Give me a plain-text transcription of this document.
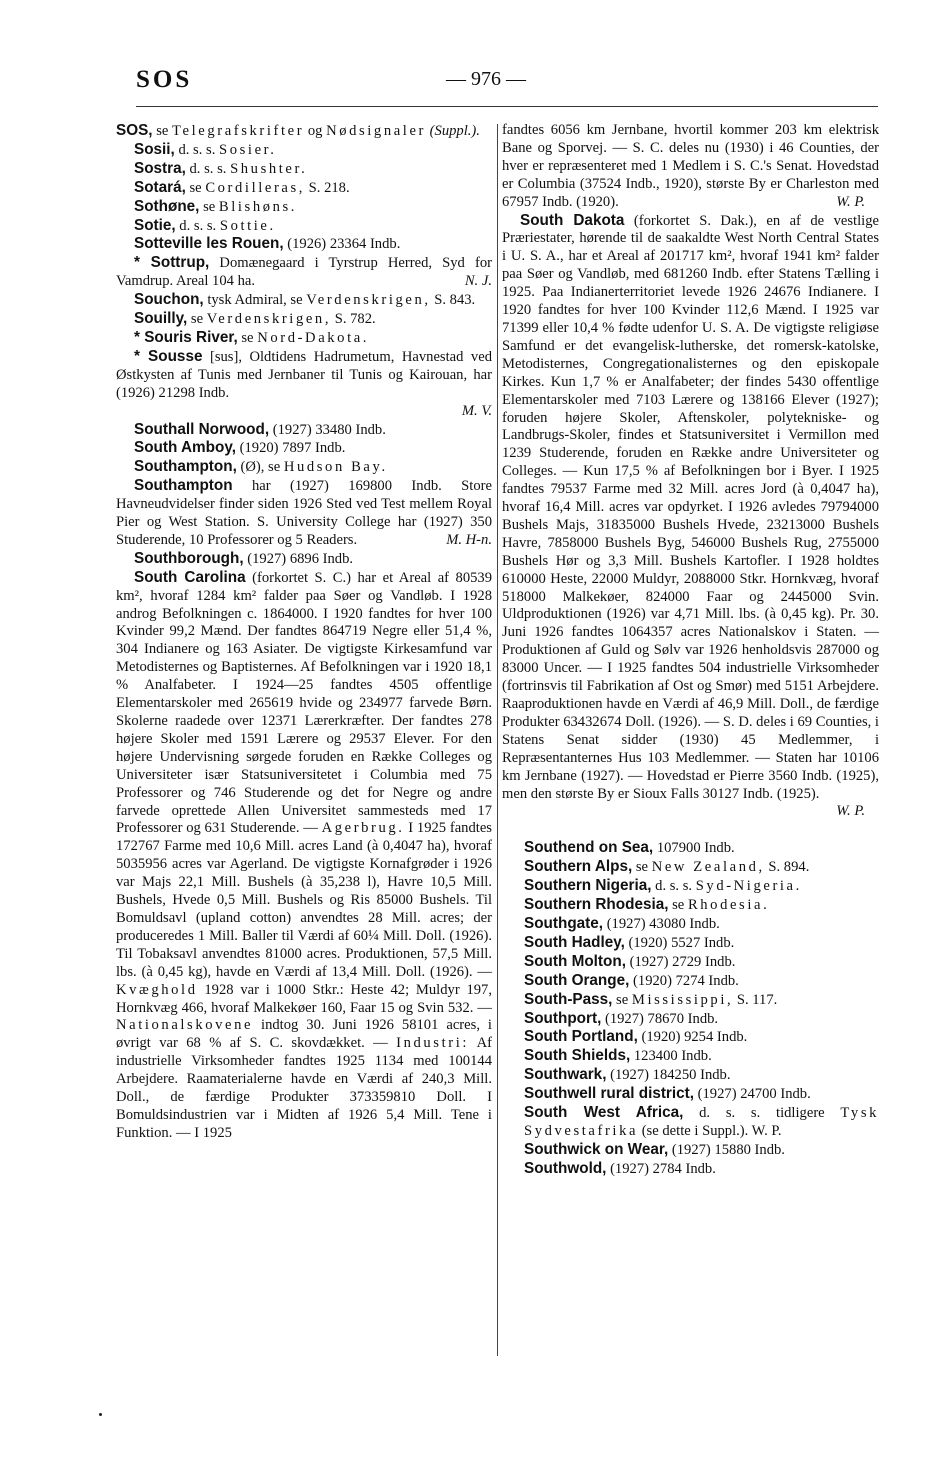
SOS	— 976 —

SOS, se Telegrafskrifter og Nødsignaler (Suppl.).

Sosii, d. s. s. Sosier.

Sostra, d. s. s. Shushter.

Sotará, se Cordilleras, S. 218.

Sothøne, se Blishøns.

Sotie, d. s. s. Sottie.

Sotteville les Rouen, (1926) 23364 Indb.

* Sottrup, Domænegaard i Tyrstrup Herred, Syd for Vamdrup. Areal 104 ha.	N. J.

Souchon, tysk Admiral, se Verdenskrigen, S. 843.

Souilly, se Verdenskrigen, S. 782.

* Souris River, se Nord-Dakota.

* Sousse [sus], Oldtidens Hadrumetum, Havnestad ved Østkysten af Tunis med Jernbaner til Tunis og Kairouan, har (1926) 21298 Indb.
M. V.

Southall Norwood, (1927) 33480 Indb.

South Amboy, (1920) 7897 Indb.

Southampton, (Ø), se Hudson Bay.

Southampton har (1927) 169800 Indb. Store Havneudvidelser finder siden 1926 Sted ved Test mellem Royal Pier og West Station. S. University College har (1927) 350 Studerende, 10 Professorer og 5 Readers.	M. H-n.

Southborough, (1927) 6896 Indb.

South Carolina (forkortet S. C.) har et Areal af 80539 km², hvoraf 1284 km² falder paa Søer og Vandløb. I 1928 androg Befolkningen c. 1864000. I 1920 fandtes for hver 100 Kvinder 99,2 Mænd. Der fandtes 864719 Negre eller 51,4 %, 304 Indianere og 163 Asiater. De vigtigste Kirkesamfund var Metodisternes og Baptisternes. Af Befolkningen var i 1920 18,1 % Analfabeter. I 1924—25 fandtes 4505 offentlige Elementarskoler med 265619 hvide og 234977 farvede Børn. Skolerne raadede over 12371 Lærerkræfter. Der fandtes 278 højere Skoler med 1591 Lærere og 29537 Elever. For den højere Undervisning sørgede foruden en Række Colleges og Universiteter især Statsuniversitetet i Columbia med 75 Professorer og 746 Studerende og det for Negre og andre farvede oprettede Allen Universitet sammesteds med 17 Professorer og 631 Studerende. — Agerbrug. I 1925 fandtes 172767 Farme med 10,6 Mill. acres Land (à 0,4047 ha), hvoraf 5035956 acres var Agerland. De vigtigste Kornafgrøder i 1926 var Majs 22,1 Mill. Bushels (à 35,238 l), Havre 10,5 Mill. Bushels, Hvede 0,5 Mill. Bushels og Ris 85000 Bushels. Til Bomuldsavl (upland cotton) anvendtes 28 Mill. acres; der produceredes 1 Mill. Baller til Værdi af 60¼ Mill. Doll. (1926). Til Tobaksavl anvendtes 81000 acres. Produktionen, 57,5 Mill. lbs. (à 0,45 kg), havde en Værdi af 13,4 Mill. Doll. (1926). — Kvæghold 1928 var i 1000 Stkr.: Heste 42; Muldyr 197, Hornkvæg 466, hvoraf Malkekøer 160, Faar 15 og Svin 532. — Nationalskovene indtog 30. Juni 1926 58101 acres, i øvrigt var 68 % af S. C. skovdækket. — Industri: Af industrielle Virksomheder fandtes 1925 1134 med 100144 Arbejdere. Raamaterialerne havde en Værdi af 240,3 Mill. Doll., de færdige Produkter 373359810 Doll. I Bomuldsindustrien var i Midten af 1926 5,4 Mill. Tene i Funktion. — I 1925

fandtes 6056 km Jernbane, hvortil kommer 203 km elektrisk Bane og Sporvej. — S. C. deles nu (1930) i 46 Counties, der hver er repræsenteret med 1 Medlem i S. C.'s Senat. Hovedstad er Columbia (37524 Indb., 1920), største By er Charleston med 67957 Indb. (1920).	W. P.

South Dakota (forkortet S. Dak.), en af de vestlige Præriestater, hørende til de saakaldte West North Central States i U. S. A., har et Areal af 201717 km², hvoraf 1941 km² falder paa Søer og Vandløb, med 681260 Indb. efter Statens Tælling i 1925. Paa Indianerterritoriet levede 1926 24676 Indianere. I 1920 fandtes for hver 100 Kvinder 112,6 Mænd. I 1925 var 71399 eller 10,4 % fødte udenfor U. S. A. De vigtigste religiøse Samfund er det evangelisk-lutherske, det romersk-katolske, Metodisternes, Congregationalisternes og den episkopale Kirkes. Kun 1,7 % er Analfabeter; der findes 5430 offentlige Elementarskoler med 7103 Lærere og 138166 Elever (1927); foruden højere Skoler, Aftenskoler, polytekniske- og Landbrugs-Skoler, findes et Statsuniversitet i Vermillon med 1239 Studerende, foruden en Række andre Universiteter og Colleges. — Kun 17,5 % af Befolkningen bor i Byer. I 1925 fandtes 79537 Farme med 32 Mill. acres Jord (à 0,4047 ha), hvoraf 16,4 Mill. acres var opdyrket. I 1926 avledes 79794000 Bushels Majs, 31835000 Bushels Hvede, 23213000 Bushels Havre, 7858000 Bushels Byg, 546000 Bushels Rug, 2755000 Bushels Hør og 3,3 Mill. Bushels Kartofler. I 1928 holdtes 610000 Heste, 22000 Muldyr, 2088000 Stkr. Hornkvæg, hvoraf 518000 Malkekøer, 824000 Faar og 2445000 Svin. Uldproduktionen (1926) var 4,71 Mill. lbs. (à 0,45 kg). Pr. 30. Juni 1926 fandtes 1064357 acres Nationalskov i Staten. — Produktionen af Guld og Sølv var 1926 henholdsvis 287000 og 83000 Uncer. — I 1925 fandtes 504 industrielle Virksomheder (fortrinsvis til Fabrikation af Ost og Smør) med 5151 Arbejdere. Raaproduktionen havde en Værdi af 46,9 Mill. Doll., de færdige Produkter 63432674 Doll. (1926). — S. D. deles i 69 Counties, i Statens Senat sidder (1930) 45 Medlemmer, i Repræsentanternes Hus 103 Medlemmer. — Staten har 10106 km Jernbane (1927). — Hovedstad er Pierre 3560 Indb. (1925), men den største By er Sioux Falls 30127 Indb. (1925).
W. P.

Southend on Sea, 107900 Indb.

Southern Alps, se New Zealand, S. 894.

Southern Nigeria, d. s. s. Syd-Nigeria.

Southern Rhodesia, se Rhodesia.

Southgate, (1927) 43080 Indb.

South Hadley, (1920) 5527 Indb.

South Molton, (1927) 2729 Indb.

South Orange, (1920) 7274 Indb.

South-Pass, se Mississippi, S. 117.

Southport, (1927) 78670 Indb.

South Portland, (1920) 9254 Indb.

South Shields, 123400 Indb.

Southwark, (1927) 184250 Indb.

Southwell rural district, (1927) 24700 Indb.

South West Africa, d. s. s. tidligere Tysk Sydvestafrika (se dette i Suppl.). W. P.

Southwick on Wear, (1927) 15880 Indb.

Southwold, (1927) 2784 Indb.
